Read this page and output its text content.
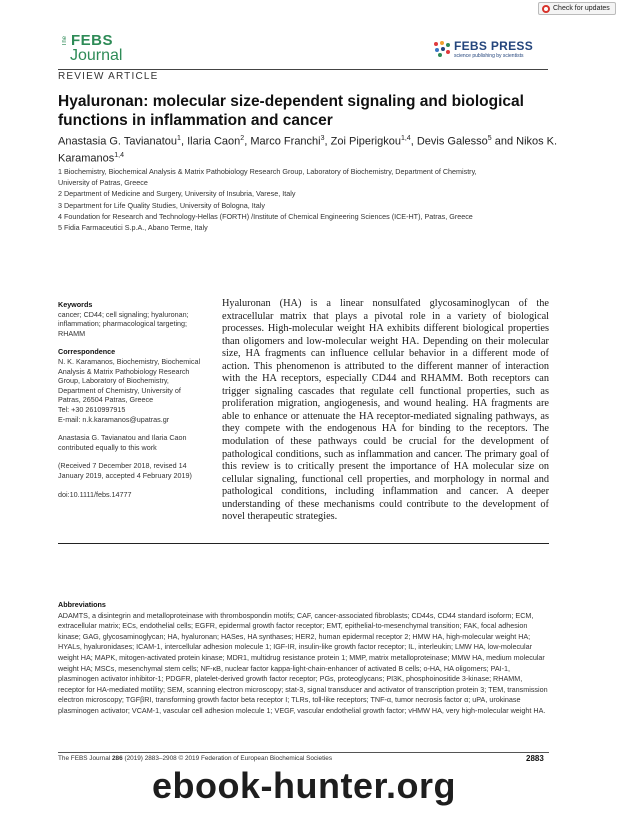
Check for updates
The FEBS
Journal
FEBS PRESS
science publishing by scientists
REVIEW ARTICLE
Hyaluronan: molecular size-dependent signaling and biological functions in inflammation and cancer
Anastasia G. Tavianatou$^1$, Ilaria Caon$^2$, Marco Franchi$^3$, Zoi Piperigkou$^{1,4}$, Devis Galesso$^5$ and Nikos K. Karamanos$^{1,4}$
1 Biochemistry, Biochemical Analysis & Matrix Pathobiology Research Group, Laboratory of Biochemistry, Department of Chemistry,
University of Patras, Greece
2 Department of Medicine and Surgery, University of Insubria, Varese, Italy
3 Department for Life Quality Studies, University of Bologna, Italy
4 Foundation for Research and Technology-Hellas (FORTH) /Institute of Chemical Engineering Sciences (ICE-HT), Patras, Greece
5 Fidia Farmaceutici S.p.A., Abano Terme, Italy
Keywords
cancer; CD44; cell signaling; hyaluronan; inflammation; pharmacological targeting; RHAMM
Correspondence
N. K. Karamanos, Biochemistry, Biochemical
Analysis & Matrix Pathobiology Research
Group, Laboratory of Biochemistry,
Department of Chemistry, University of
Patras, 26504 Patras, Greece
Tel: +30 2610997915
E-mail: n.k.karamanos@upatras.gr
Anastasia G. Tavianatou and Ilaria Caon
contributed equally to this work
(Received 7 December 2018, revised 14
January 2019, accepted 4 February 2019)
doi:10.1111/febs.14777
Hyaluronan (HA) is a linear nonsulfated glycosaminoglycan of the extracellular matrix that plays a pivotal role in a variety of biological processes. High-molecular weight HA exhibits different biological properties than oligomers and low-molecular weight HA. Depending on their molecular size, HA fragments can influence cellular behavior in a different mode of action. This phenomenon is attributed to the different manner of interaction with the HA receptors, especially CD44 and RHAMM. Both receptors can trigger signaling cascades that regulate cell functional properties, such as proliferation migration, angiogenesis, and wound healing. HA fragments are able to enhance or attenuate the HA receptor-mediated signaling pathways, as they compete with the endogenous HA for binding to the receptors. The modulation of these pathways could be crucial for the development of pathological conditions, such as inflammation and cancer. The primary goal of this review is to critically present the importance of HA molecular size on cellular signaling, functional cell properties, and morphology in normal and pathological conditions, including inflammation and cancer. A deeper understanding of these mechanisms could contribute to the development of novel therapeutic strategies.
Abbreviations
ADAMTS, a disintegrin and metalloproteinase with thrombospondin motifs; CAF, cancer-associated fibroblasts; CD44s, CD44 standard isoform; ECM, extracellular matrix; ECs, endothelial cells; EGFR, epidermal growth factor receptor; EMT, epithelial-to-mesenchymal transition; FAK, focal adhesion kinase; GAG, glycosaminoglycan; HA, hyaluronan; HASes, HA synthases; HER2, human epidermal receptor 2; HMW HA, high-molecular weight HA; HYALs, hyaluronidases; ICAM-1, intercellular adhesion molecule 1; IGF-IR, insulin-like growth factor receptor; IL, interleukin; LMW HA, low-molecular weight HA; MAPK, mitogen-activated protein kinase; MDR1, multidrug resistance protein 1; MMP, matrix metalloproteinase; MMW HA, medium molecular weight HA; MSCs, mesenchymal stem cells; NF-κB, nuclear factor kappa-light-chain-enhancer of activated B cells; o-HA, HA oligomers; PAI-1, plasminogen activator inhibitor-1; PDGFR, platelet-derived growth factor receptor; PGs, proteoglycans; PI3K, phosphoinositide 3-kinase; RHAMM, receptor for HA-mediated motility; SEM, scanning electron microscopy; stat-3, signal transducer and activator of transcription protein 3; TEM, transmission electron microscopy; TGFβRI, transforming growth factor beta receptor I; TLRs, toll-like receptors; TNF-α, tumor necrosis factor α; uPA, urokinase plasminogen activator; VCAM-1, vascular cell adhesion molecule 1; VEGF, vascular endothelial growth factor; vHMW HA, very high-molecular weight HA.
The FEBS Journal 286 (2019) 2883–2908 © 2019 Federation of European Biochemical Societies	2883
ebook-hunter.org
